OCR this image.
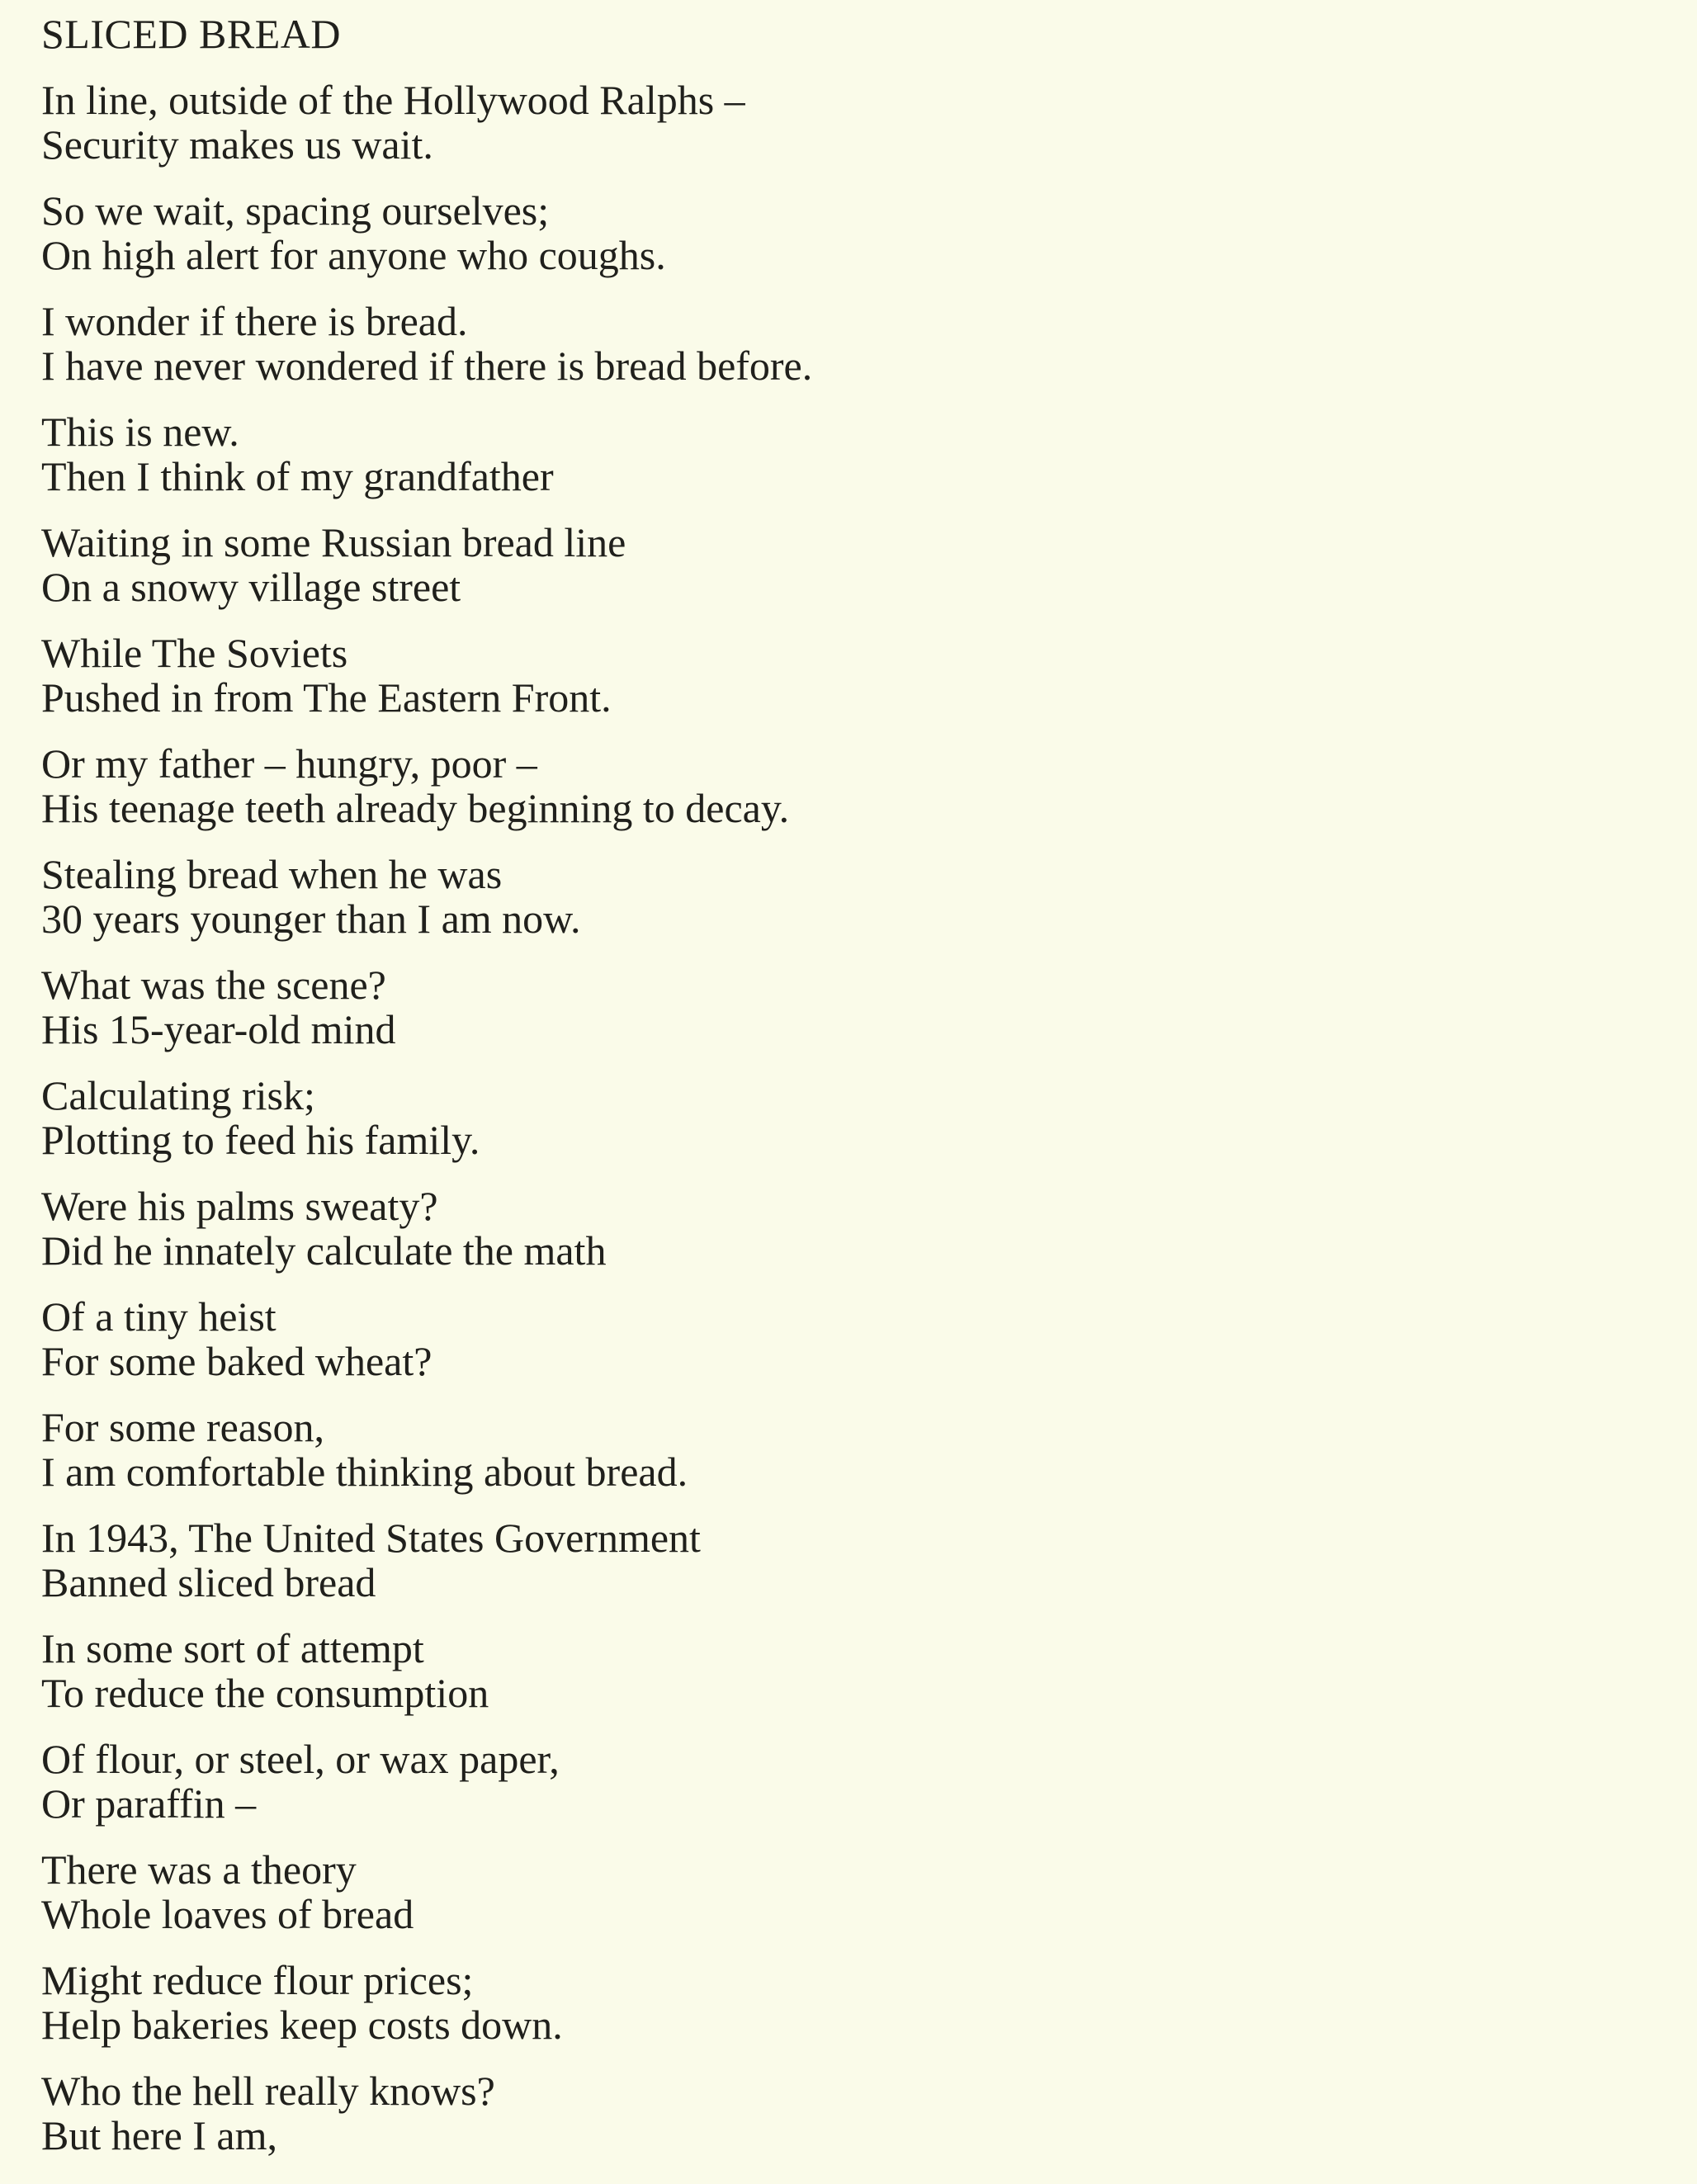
SLICED BREAD
In line, outside of the Hollywood Ralphs –
Security makes us wait.
So we wait, spacing ourselves;
On high alert for anyone who coughs.
I wonder if there is bread.
I have never wondered if there is bread before.
This is new.
Then I think of my grandfather
Waiting in some Russian bread line
On a snowy village street
While The Soviets
Pushed in from The Eastern Front.
Or my father – hungry, poor –
His teenage teeth already beginning to decay.
Stealing bread when he was
30 years younger than I am now.
What was the scene?
His 15-year-old mind
Calculating risk;
Plotting to feed his family.
Were his palms sweaty?
Did he innately calculate the math
Of a tiny heist
For some baked wheat?
For some reason,
I am comfortable thinking about bread.
In 1943, The United States Government
Banned sliced bread
In some sort of attempt
To reduce the consumption
Of flour, or steel, or wax paper,
Or paraffin –
There was a theory
Whole loaves of bread
Might reduce flour prices;
Help bakeries keep costs down.
Who the hell really knows?
But here I am,
